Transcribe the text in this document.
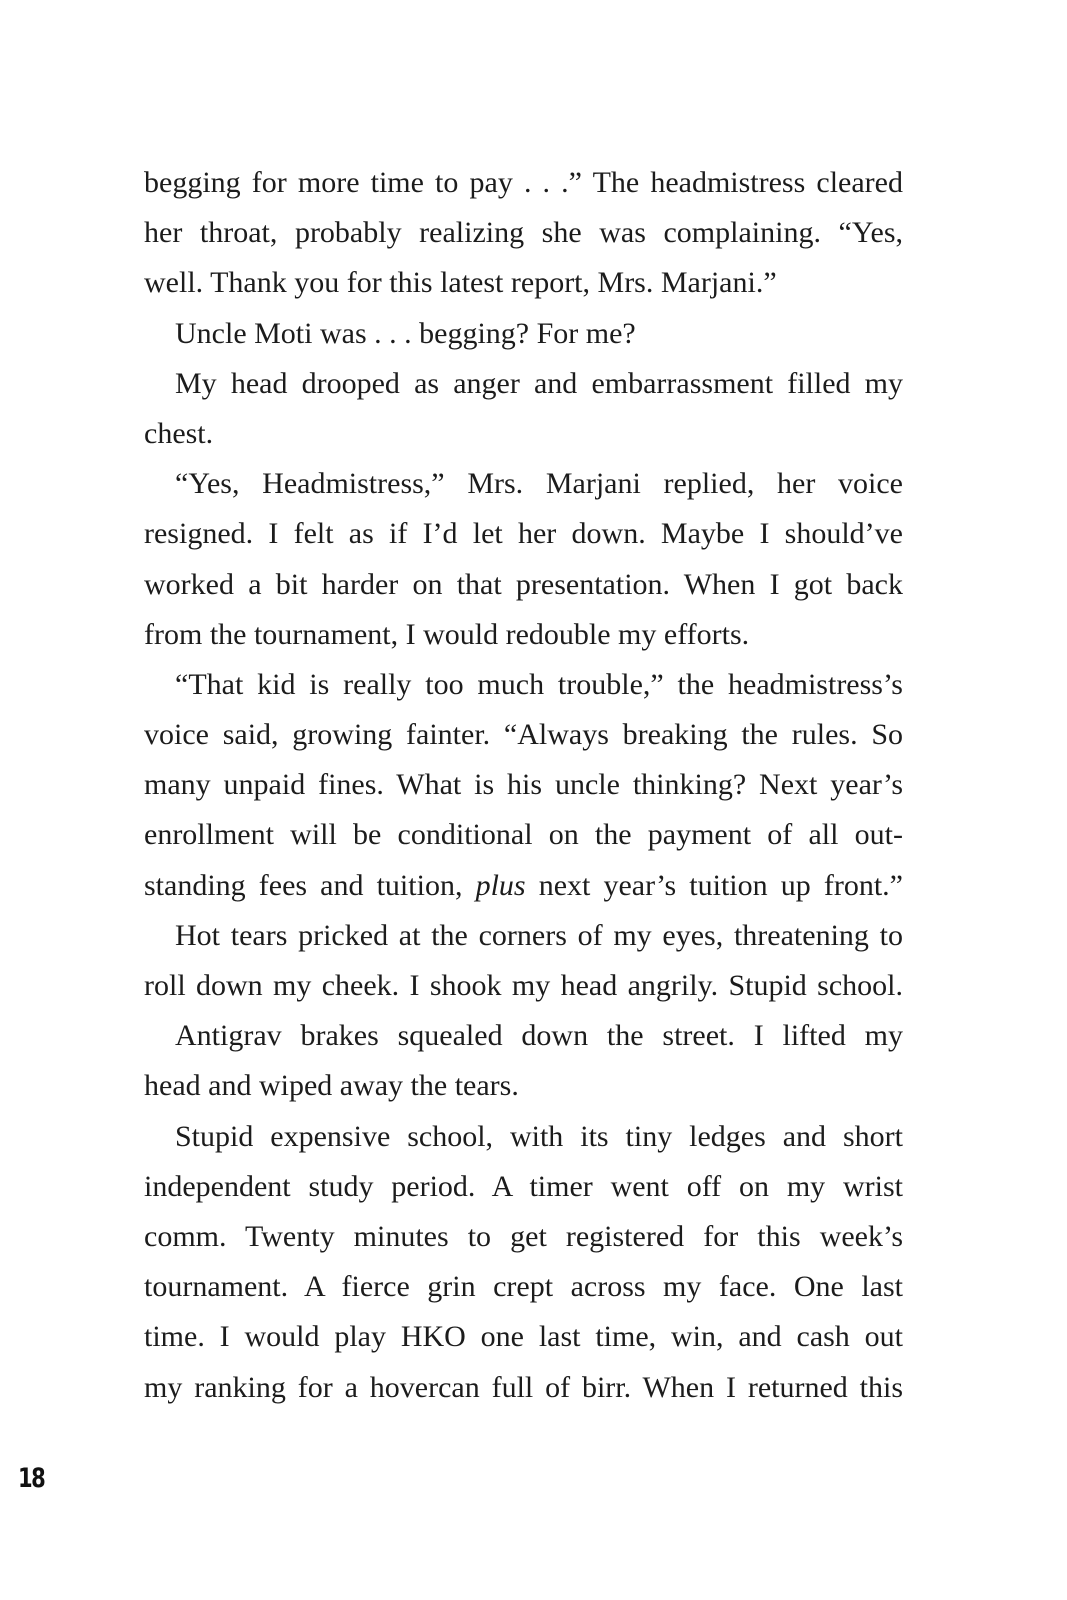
begging for more time to pay . . .” The headmistress cleared
her throat, probably realizing she was complaining. “Yes,
well. Thank you for this latest report, Mrs. Marjani.”
Uncle Moti was . . . begging? For me?
My head drooped as anger and embarrassment filled my
chest.
“Yes, Headmistress,” Mrs. Marjani replied, her voice
resigned. I felt as if I’d let her down. Maybe I should’ve
worked a bit harder on that presentation. When I got back
from the tournament, I would redouble my efforts.
“That kid is really too much trouble,” the headmistress’s
voice said, growing fainter. “Always breaking the rules. So
many unpaid fines. What is his uncle thinking? Next year’s
enrollment will be conditional on the payment of all out-
standing fees and tuition, plus next year’s tuition up front.”
Hot tears pricked at the corners of my eyes, threatening to
roll down my cheek. I shook my head angrily. Stupid school.
Antigrav brakes squealed down the street. I lifted my
head and wiped away the tears.
Stupid expensive school, with its tiny ledges and short
independent study period. A timer went off on my wrist
comm. Twenty minutes to get registered for this week’s
tournament. A fierce grin crept across my face. One last
time. I would play HKO one last time, win, and cash out
my ranking for a hovercan full of birr. When I returned this
18
